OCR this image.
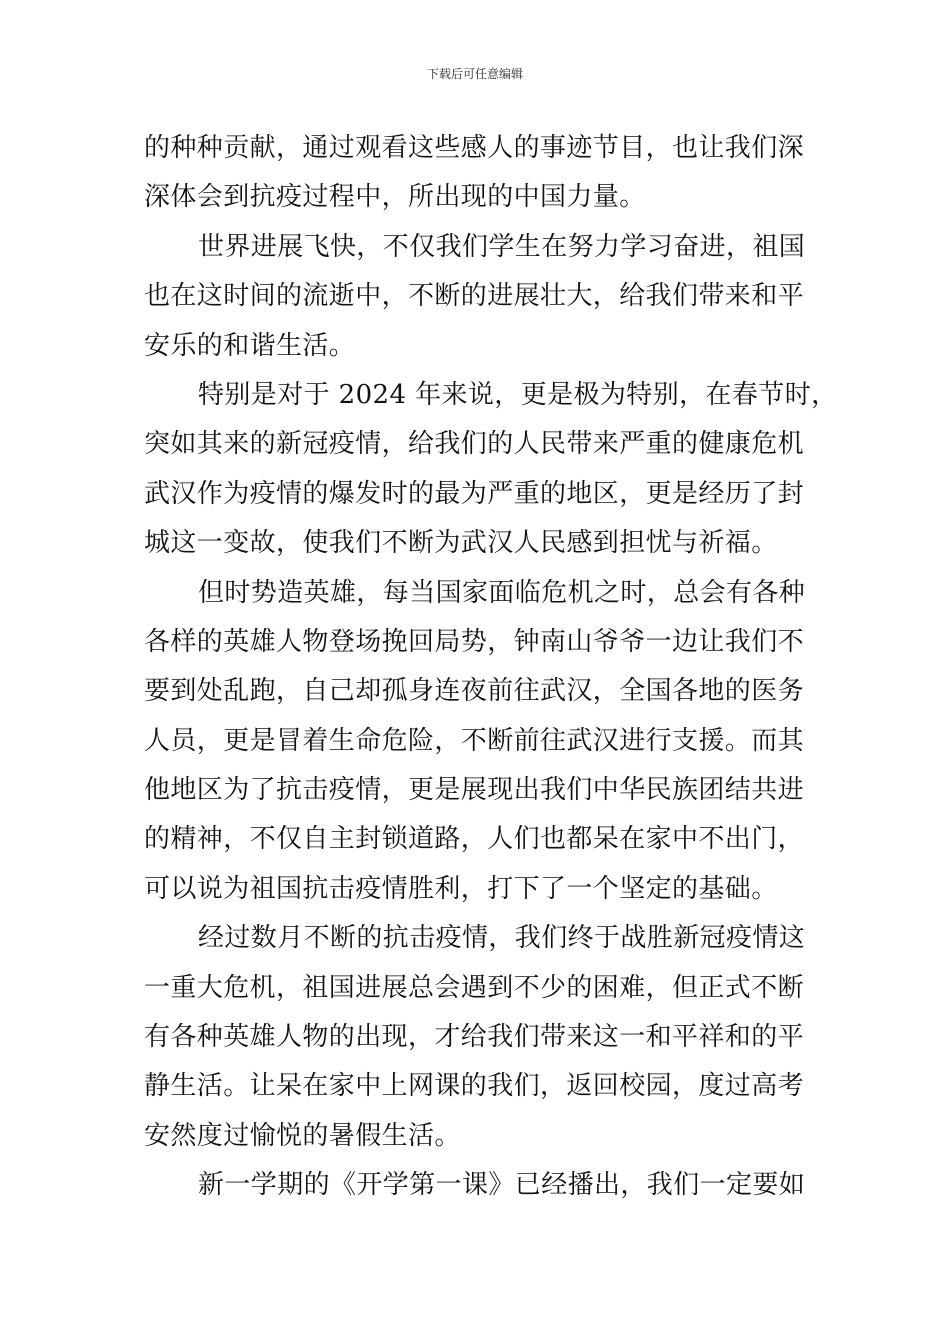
下载后可任意编辑
的种种贡献，通过观看这些感人的事迹节目，也让我们深
深体会到抗疫过程中，所出现的中国力量。
世界进展飞快，不仅我们学生在努力学习奋进，祖国
也在这时间的流逝中，不断的进展壮大，给我们带来和平
安乐的和谐生活。
特别是对于 2024 年来说，更是极为特别，在春节时，
突如其来的新冠疫情，给我们的人民带来严重的健康危机
武汉作为疫情的爆发时的最为严重的地区，更是经历了封
城这一变故，使我们不断为武汉人民感到担忧与祈福。
但时势造英雄，每当国家面临危机之时，总会有各种
各样的英雄人物登场挽回局势，钟南山爷爷一边让我们不
要到处乱跑，自己却孤身连夜前往武汉，全国各地的医务
人员，更是冒着生命危险，不断前往武汉进行支援。而其
他地区为了抗击疫情，更是展现出我们中华民族团结共进
的精神，不仅自主封锁道路，人们也都呆在家中不出门，
可以说为祖国抗击疫情胜利，打下了一个坚定的基础。
经过数月不断的抗击疫情，我们终于战胜新冠疫情这
一重大危机，祖国进展总会遇到不少的困难，但正式不断
有各种英雄人物的出现，才给我们带来这一和平祥和的平
静生活。让呆在家中上网课的我们，返回校园，度过高考
安然度过愉悦的暑假生活。
新一学期的《开学第一课》已经播出，我们一定要如
